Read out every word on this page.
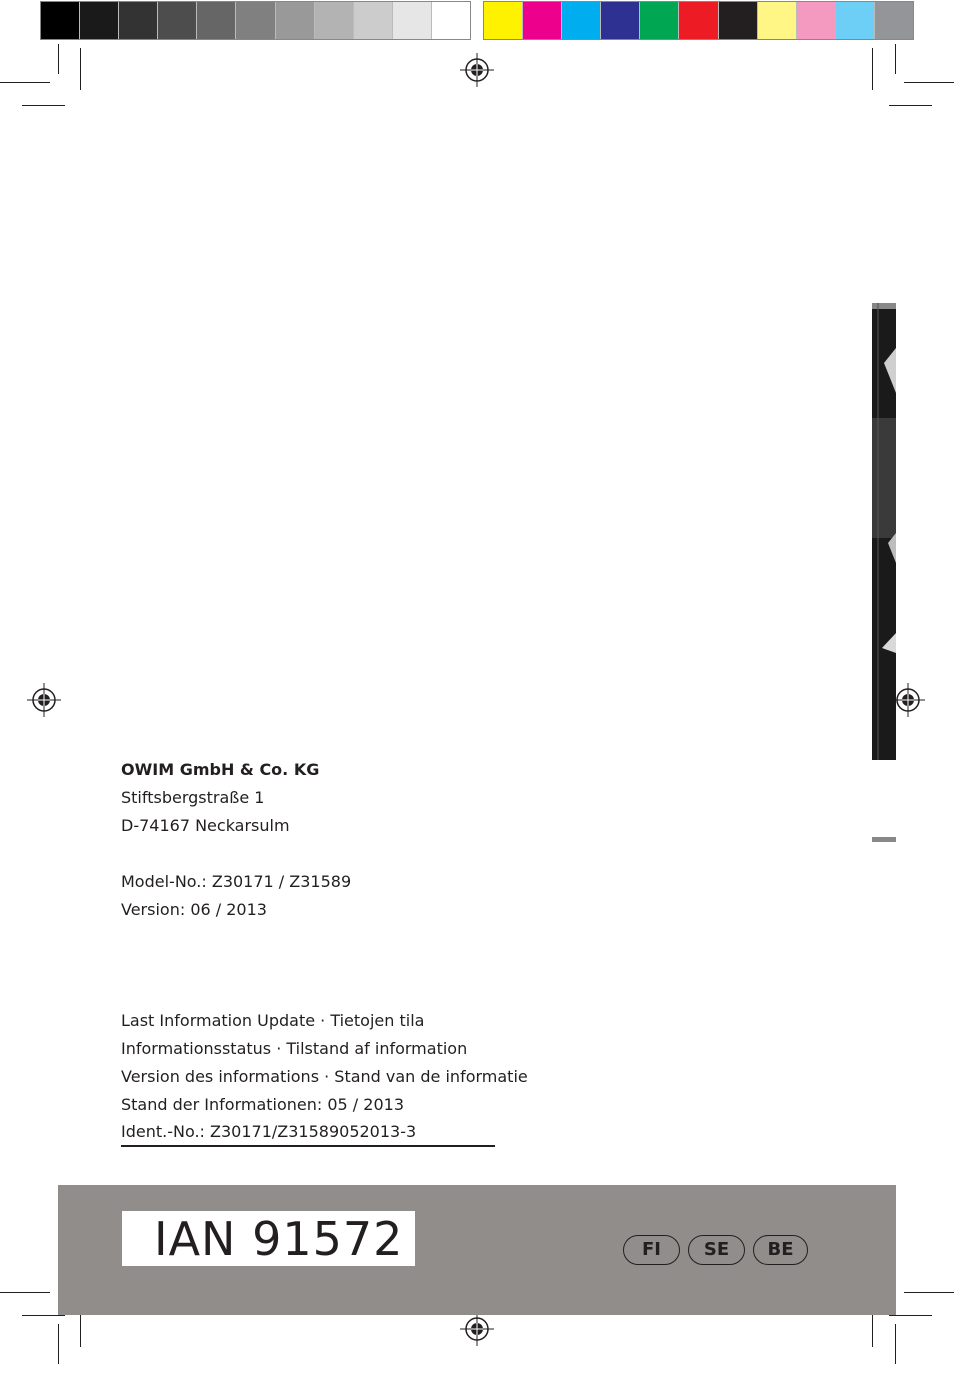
OWIM GmbH & Co. KG
Stiftsbergstraße 1
D-74167 Neckarsulm
Model-No.: Z30171 / Z31589
Version: 06 / 2013
Last Information Update · Tietojen tila
Informationsstatus · Tilstand af information
Version des informations · Stand van de informatie
Stand der Informationen: 05 / 2013
Ident.-No.: Z30171/Z31589052013-3
IAN 91572	FI	SE	BE
